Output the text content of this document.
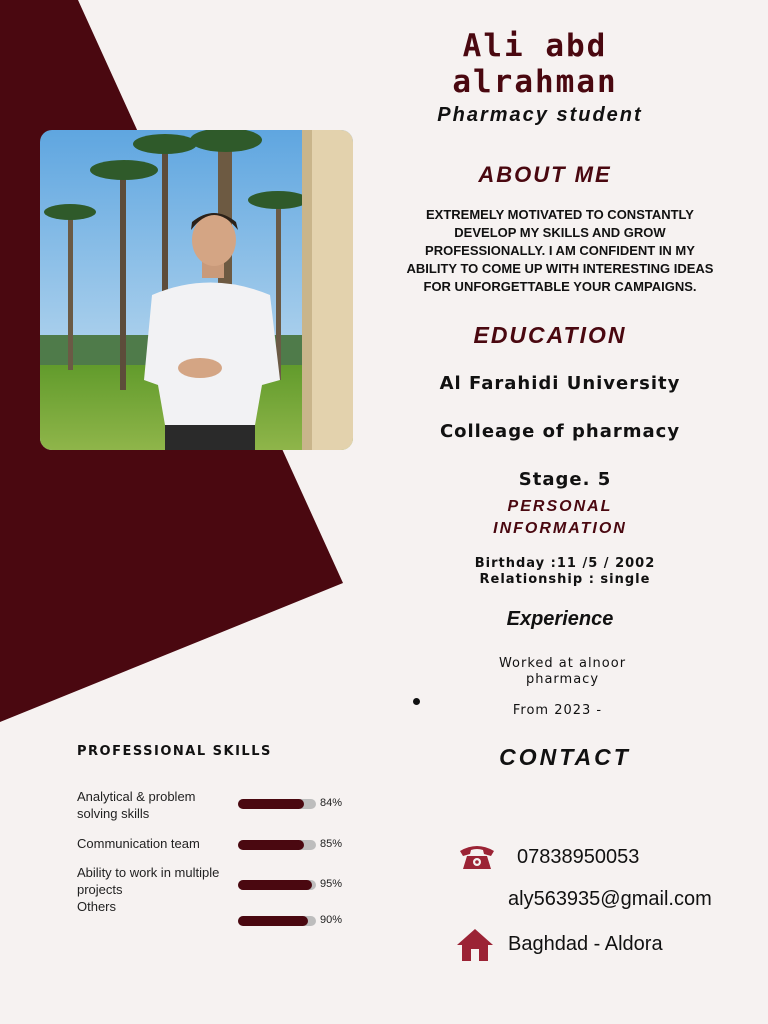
Ali abd alrahman
Pharmacy student
ABOUT ME
EXTREMELY MOTIVATED TO CONSTANTLY DEVELOP MY SKILLS AND GROW PROFESSIONALLY. I AM CONFIDENT IN MY ABILITY TO COME UP WITH INTERESTING IDEAS FOR UNFORGETTABLE YOUR CAMPAIGNS.
EDUCATION
Al Farahidi University
Colleage of pharmacy
Stage. 5
PERSONAL INFORMATION
Birthday :11 /5 / 2002
Relationship : single
Experience
Worked at alnoor pharmacy
From 2023 -
CONTACT
07838950053
aly563935@gmail.com
Baghdad - Aldora
PROFESSIONAL SKILLS
Analytical & problem solving skills
Communication team
Ability to work in multiple projects
Others
84%
85%
95%
90%
